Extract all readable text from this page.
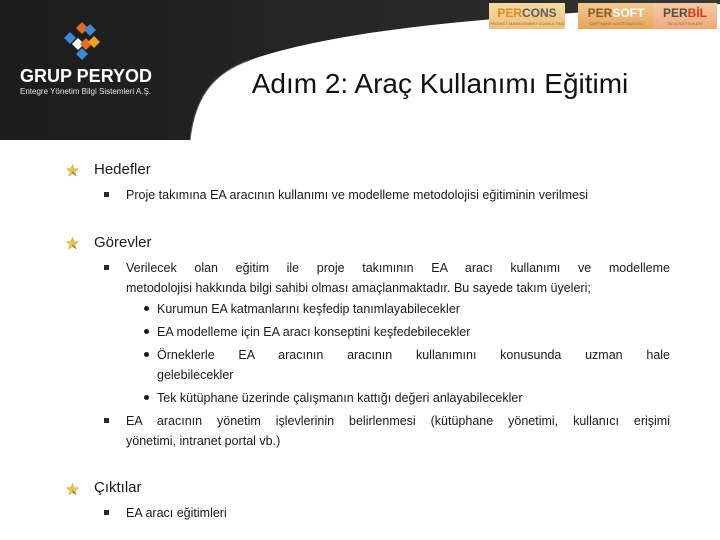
GRUP PERYOD
Entegre Yönetim Bilgi Sistemleri A.Ş.
PERCONS
PROJECT MANAGEMENT CONSULTING
PERSOFT
SOFTWARE & AUTOMATION
PERBİL
BİLGİ SİSTEMLERİ
Adım 2: Araç Kullanımı Eğitimi
Hedefler
Proje takımına EA aracının kullanımı ve modelleme metodolojisi eğitiminin verilmesi
Görevler
Verilecek olan eğitim ile proje takımının EA aracı kullanımı ve modelleme
metodolojisi hakkında bilgi sahibi olması amaçlanmaktadır. Bu sayede takım üyeleri;
Kurumun EA katmanlarını keşfedip tanımlayabilecekler
EA modelleme için EA aracı konseptini keşfedebilecekler
Örneklerle EA aracının aracının kullanımını konusunda uzman hale
gelebilecekler
Tek kütüphane üzerinde çalışmanın kattığı değeri anlayabilecekler
EA aracının yönetim işlevlerinin belirlenmesi (kütüphane yönetimi, kullanıcı erişimi
yönetimi, intranet portal vb.)
Çıktılar
EA aracı eğitimleri
